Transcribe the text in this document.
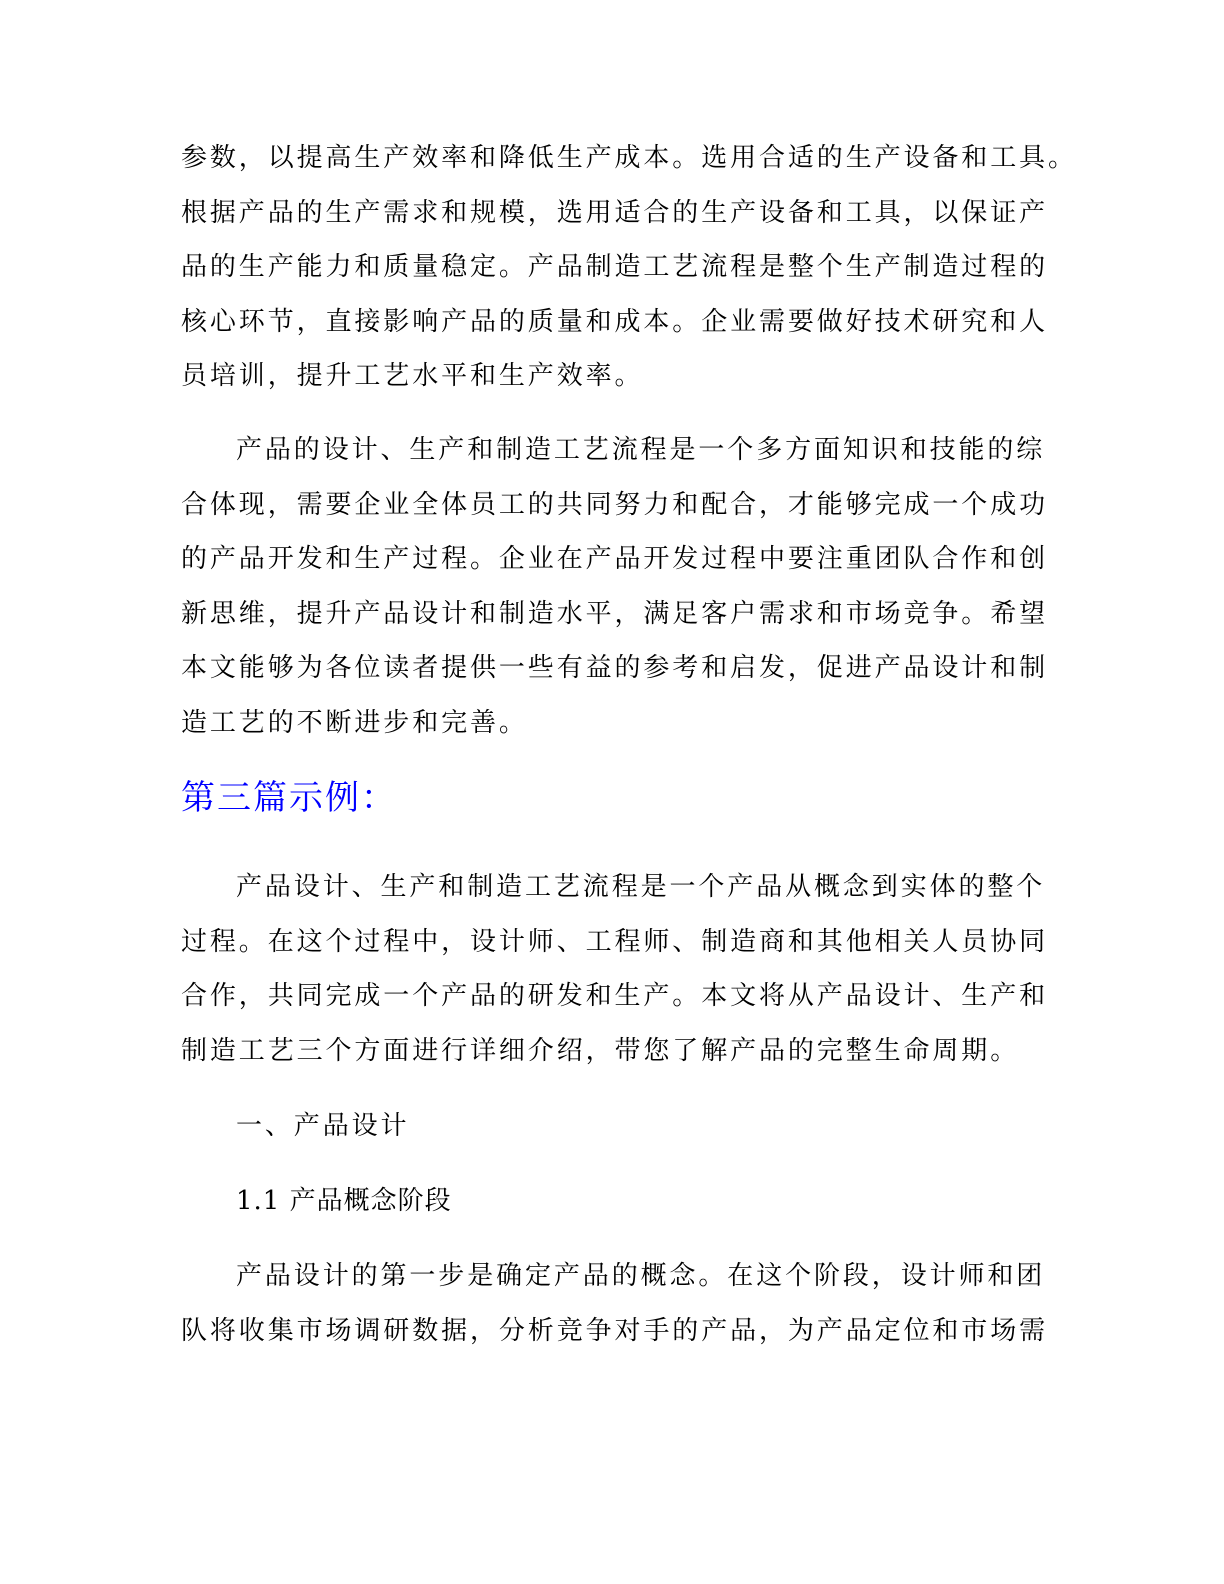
参数，以提高生产效率和降低生产成本。选用合适的生产设备和工具。
根据产品的生产需求和规模，选用适合的生产设备和工具，以保证产
品的生产能力和质量稳定。产品制造工艺流程是整个生产制造过程的
核心环节，直接影响产品的质量和成本。企业需要做好技术研究和人
员培训，提升工艺水平和生产效率。
产品的设计、生产和制造工艺流程是一个多方面知识和技能的综
合体现，需要企业全体员工的共同努力和配合，才能够完成一个成功
的产品开发和生产过程。企业在产品开发过程中要注重团队合作和创
新思维，提升产品设计和制造水平，满足客户需求和市场竞争。希望
本文能够为各位读者提供一些有益的参考和启发，促进产品设计和制
造工艺的不断进步和完善。
第三篇示例：
产品设计、生产和制造工艺流程是一个产品从概念到实体的整个
过程。在这个过程中，设计师、工程师、制造商和其他相关人员协同
合作，共同完成一个产品的研发和生产。本文将从产品设计、生产和
制造工艺三个方面进行详细介绍，带您了解产品的完整生命周期。
一、产品设计
1.1 产品概念阶段
产品设计的第一步是确定产品的概念。在这个阶段，设计师和团
队将收集市场调研数据，分析竞争对手的产品，为产品定位和市场需
